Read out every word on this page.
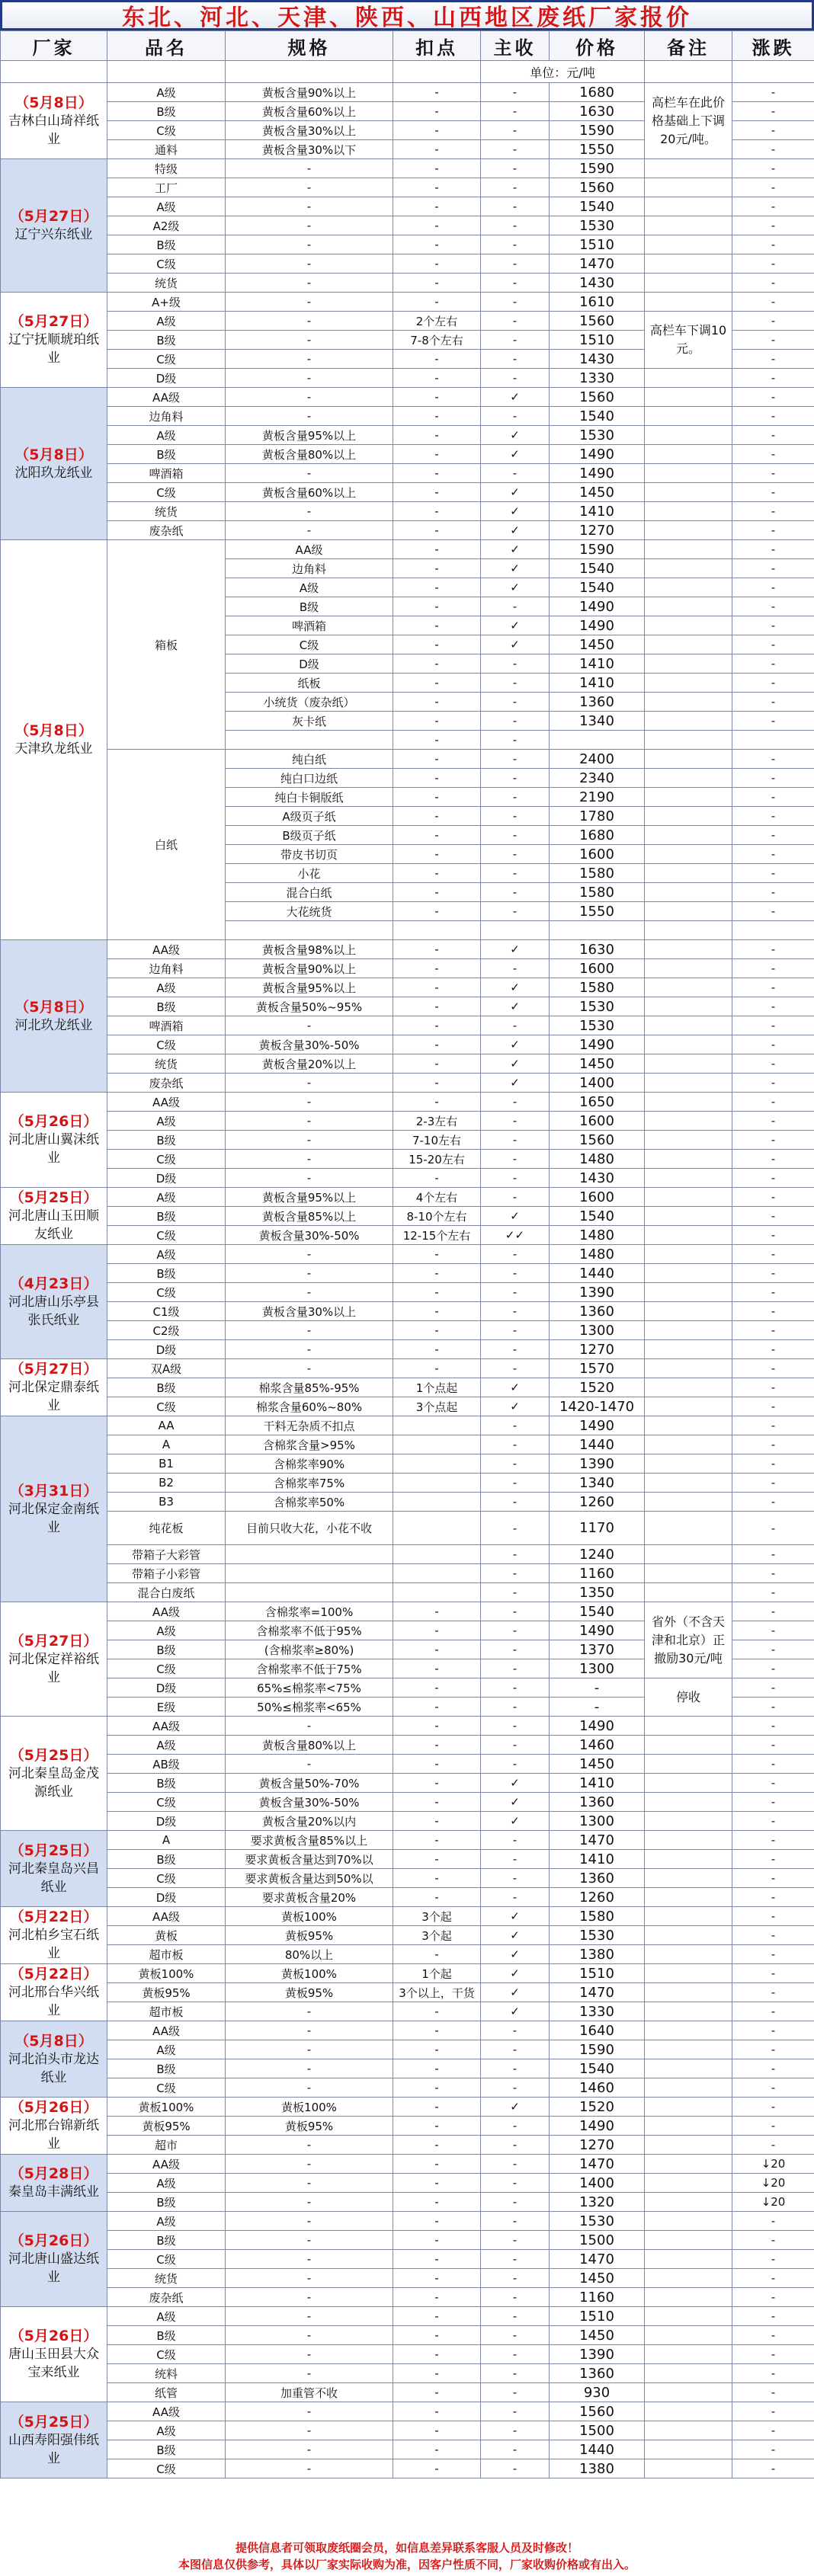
东北、河北、天津、陕西、山西地区废纸厂家报价
厂家	品名	规格	扣点	主收	价格	备注	涨跌
				单位：元/吨			

（5月8日）
吉林白山琦祥纸业	A级	黄板含量90%以上	-	-	1680	高栏车在此价格基础上下调20元/吨。	-
	B级	黄板含量60%以上	-	-	1630		-
	C级	黄板含量30%以上	-	-	1590		-
	通料	黄板含量30%以下	-	-	1550		-

（5月27日）
辽宁兴东纸业	特级	-	-	-	1590		-
	工厂	-	-	-	1560		-
	A级	-	-	-	1540		-
	A2级	-	-	-	1530		-
	B级	-	-	-	1510		-
	C级	-	-	-	1470		-
	统货	-	-	-	1430		-

（5月27日）
辽宁抚顺琥珀纸业	A+级	-	-	-	1610		-
	A级	-	2个左右	-	1560	高栏车下调10元。	-
	B级	-	7-8个左右	-	1510		-
	C级	-	-	-	1430		-
	D级	-	-	-	1330		-

（5月8日）
沈阳玖龙纸业	AA级	-	-	✓	1560		-
	边角料	-	-	-	1540		-
	A级	黄板含量95%以上	-	✓	1530		-
	B级	黄板含量80%以上	-	✓	1490		-
	啤酒箱	-	-	-	1490		-
	C级	黄板含量60%以上	-	✓	1450		-
	统货	-	-	✓	1410		-
	废杂纸	-	-	✓	1270		-

（5月8日）
天津玖龙纸业	箱板	AA级	-	✓	1590		-
		边角料	-	✓	1540		-
		A级	-	✓	1540		-
		B级	-	-	1490		-
		啤酒箱	-	✓	1490		-
		C级	-	✓	1450		-
		D级	-	-	1410		-
		纸板	-	-	1410		-
		小统货（废杂纸）	-	-	1360		-
		灰卡纸	-	-	1340		-
			-	-			
	白纸	纯白纸	-	-	2400		-
		纯白口边纸	-	-	2340		-
		纯白卡铜版纸	-	-	2190		-
		A级页子纸	-	-	1780		-
		B级页子纸	-	-	1680		-
		带皮书切页	-	-	1600		-
		小花	-	-	1580		-
		混合白纸	-	-	1580		-
		大花统货	-	-	1550		-

（5月8日）
河北玖龙纸业	AA级	黄板含量98%以上	-	✓	1630		-
	边角料	黄板含量90%以上	-	-	1600		-
	A级	黄板含量95%以上	-	✓	1580		-
	B级	黄板含量50%~95%	-	✓	1530		-
	啤酒箱	-	-	-	1530		-
	C级	黄板含量30%-50%	-	✓	1490		-
	统货	黄板含量20%以上	-	✓	1450		-
	废杂纸	-	-	✓	1400		-

（5月26日）
河北唐山翼沫纸业	AA级	-	-	-	1650		-
	A级	-	2-3左右	-	1600		-
	B级	-	7-10左右	-	1560		-
	C级	-	15-20左右	-	1480		-
	D级	-	-	-	1430		-

（5月25日）
河北唐山玉田顺友纸业	A级	黄板含量95%以上	4个左右	-	1600		-
	B级	黄板含量85%以上	8-10个左右	✓	1540		-
	C级	黄板含量30%-50%	12-15个左右	✓✓	1480		-

（4月23日）
河北唐山乐亭县张氏纸业	A级	-	-	-	1480		-
	B级	-	-	-	1440		-
	C级	-	-	-	1390		-
	C1级	黄板含量30%以上	-	-	1360		-
	C2级	-	-	-	1300		-
	D级	-	-	-	1270		-

（5月27日）
河北保定鼎泰纸业	双A级	-	-	-	1570		-
	B级	棉浆含量85%-95%	1个点起	✓	1520		-
	C级	棉浆含量60%~80%	3个点起	✓	1420-1470		-

（3月31日）
河北保定金南纸业	AA	干料无杂质不扣点		-	1490		-
	A	含棉浆含量>95%		-	1440		-
	B1	含棉浆率90%		-	1390		-
	B2	含棉浆率75%		-	1340		-
	B3	含棉浆率50%		-	1260		-
	纯花板	目前只收大花，小花不收		-	1170		-
	带箱子大彩管			-	1240		-
	带箱子小彩管			-	1160		-
	混合白废纸			-	1350		-

（5月27日）
河北保定祥裕纸业	AA级	含棉浆率=100%	-	-	1540	省外（不含天津和北京）正撤励30元/吨	-
	A级	含棉浆率不低于95%	-	-	1490		-
	B级	(含棉浆率≥80%)	-	-	1370		-
	C级	含棉浆率不低于75%	-	-	1300		-
	D级	65%≤棉浆率<75%	-	-	-	停收	-
	E级	50%≤棉浆率<65%	-	-	-		-

（5月25日）
河北秦皇岛金茂源纸业	AA级	-	-	-	1490		-
	A级	黄板含量80%以上	-	-	1460		-
	AB级	-	-	-	1450		-
	B级	黄板含量50%-70%	-	✓	1410		-
	C级	黄板含量30%-50%	-	✓	1360		-
	D级	黄板含量20%以内	-	✓	1300		-

（5月25日）
河北秦皇岛兴昌纸业	A	要求黄板含量85%以上	-	-	1470		-
	B级	要求黄板含量达到70%以	-	-	1410		-
	C级	要求黄板含量达到50%以	-	-	1360		-
	D级	要求黄板含量20%	-	-	1260		-

（5月22日）
河北柏乡宝石纸业	AA级	黄板100%	3个起	✓	1580		-
	黄板	黄板95%	3个起	✓	1530		-
	超市板	80%以上	-	✓	1380		-

（5月22日）
河北邢台华兴纸业	黄板100%	黄板100%	1个起	✓	1510		-
	黄板95%	黄板95%	3个以上，干货	✓	1470		-
	超市板	-	-	✓	1330		-

（5月8日）
河北泊头市龙达纸业	AA级	-	-	-	1640		-
	A级	-	-	-	1590		-
	B级	-	-	-	1540		-
	C级	-	-	-	1460		-

（5月26日）
河北邢台锦新纸业	黄板100%	黄板100%	-	✓	1520		-
	黄板95%	黄板95%	-	-	1490		-
	超市	-	-	-	1270		-

（5月28日）
秦皇岛丰满纸业	AA级	-	-	-	1470		↓20
	A级	-	-	-	1400		↓20
	B级	-	-	-	1320		↓20

（5月26日）
河北唐山盛达纸业	A级	-	-	-	1530		-
	B级	-	-	-	1500		-
	C级	-	-	-	1470		-
	统货	-	-	-	1450		-
	废杂纸	-	-	-	1160		-

（5月26日）
唐山玉田县大众宝来纸业	A级	-	-	-	1510		-
	B级	-	-	-	1450		-
	C级	-	-	-	1390		-
	统料	-	-	-	1360		-
	纸管	加重管不收	-	-	930		-

（5月25日）
山西寿阳强伟纸业	AA级	-	-	-	1560		-
	A级	-	-	-	1500		-
	B级	-	-	-	1440		-
	C级	-	-	-	1380		-
提供信息者可领取废纸圈会员，如信息差异联系客服人员及时修改！
本图信息仅供参考，具体以厂家实际收购为准，因客户性质不同，厂家收购价格或有出入。
